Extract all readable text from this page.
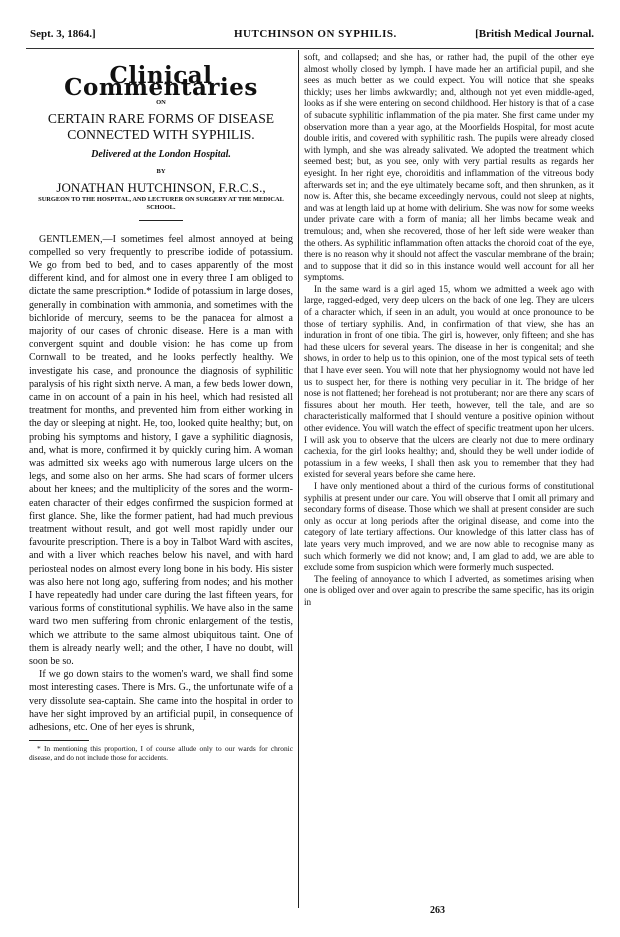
Sept. 3, 1864.]	HUTCHINSON ON SYPHILIS.	[British Medical Journal.
Clinical Commentaries
ON
CERTAIN RARE FORMS OF DISEASE CONNECTED WITH SYPHILIS.
Delivered at the London Hospital.
BY
JONATHAN HUTCHINSON, F.R.C.S.,
SURGEON TO THE HOSPITAL, AND LECTURER ON SURGERY AT THE MEDICAL SCHOOL.

GENTLEMEN,—I sometimes feel almost annoyed at being compelled so very frequently to prescribe iodide of potassium. We go from bed to bed, and to cases apparently of the most different kind, and for almost one in every three I am obliged to dictate the same prescription.* Iodide of potassium in large doses, generally in combination with ammonia, and sometimes with the bichloride of mercury, seems to be the panacea for almost a majority of our cases of chronic disease. Here is a man with convergent squint and double vision: he has come up from Cornwall to be treated, and he looks perfectly healthy. We investigate his case, and pronounce the diagnosis of syphilitic paralysis of his right sixth nerve. A man, a few beds lower down, came in on account of a pain in his heel, which had resisted all treatment for months, and prevented him from either working in the day or sleeping at night. He, too, looked quite healthy; but, on probing his symptoms and history, I gave a syphilitic diagnosis, and, what is more, confirmed it by quickly curing him. A woman was admitted six weeks ago with numerous large ulcers on the legs, and some also on her arms. She had scars of former ulcers about her knees; and the multiplicity of the sores and the worm-eaten character of their edges confirmed the suspicion formed at first glance. She, like the former patient, had had much previous treatment without result, and got well most rapidly under our favourite prescription. There is a boy in Talbot Ward with ascites, and with a liver which reaches below his navel, and with hard periosteal nodes on almost every long bone in his body. His sister was also here not long ago, suffering from nodes; and his mother I have repeatedly had under care during the last fifteen years, for various forms of constitutional syphilis. We have also in the same ward two men suffering from chronic enlargement of the testis, which we attribute to the same almost ubiquitous taint. One of them is already nearly well; and the other, I have no doubt, will soon be so.

If we go down stairs to the women's ward, we shall find some most interesting cases. There is Mrs. G., the unfortunate wife of a very dissolute sea-captain. She came into the hospital in order to have her sight improved by an artificial pupil, in consequence of adhesions, etc. One of her eyes is shrunk,

* In mentioning this proportion, I of course allude only to our wards for chronic disease, and do not include those for accidents.

soft, and collapsed; and she has, or rather had, the pupil of the other eye almost wholly closed by lymph. I have made her an artificial pupil, and she sees as much better as we could expect. You will notice that she speaks thickly; uses her limbs awkwardly; and, although not yet even middle-aged, looks as if she were entering on second childhood. Her history is that of a case of subacute syphilitic inflammation of the pia mater. She first came under my observation more than a year ago, at the Moorfields Hospital, for most acute double iritis, and covered with syphilitic rash. The pupils were already closed with lymph, and she was already salivated. We adopted the treatment which seemed best; but, as you see, only with very partial results as regards her eyesight. In her right eye, choroiditis and inflammation of the vitreous body afterwards set in; and the eye ultimately became soft, and then shrunken, as it now is. After this, she became exceedingly nervous, could not sleep at nights, and was at length laid up at home with delirium. She was now for some weeks under private care with a form of mania; all her limbs became weak and tremulous; and, when she recovered, those of her left side were weaker than the others. As syphilitic inflammation often attacks the choroid coat of the eye, there is no reason why it should not affect the vascular membrane of the brain; and to suppose that it did so in this instance would well account for all her symptoms.

In the same ward is a girl aged 15, whom we admitted a week ago with large, ragged-edged, very deep ulcers on the back of one leg. They are ulcers of a character which, if seen in an adult, you would at once pronounce to be those of tertiary syphilis. And, in confirmation of that view, she has an induration in front of one tibia. The girl is, however, only fifteen; and she has had these ulcers for several years. The disease in her is congenital; and she shows, in order to help us to this opinion, one of the most typical sets of teeth that I have ever seen. You will note that her physiognomy would not have led us to suspect her, for there is nothing very peculiar in it. The bridge of her nose is not flattened; her forehead is not protuberant; nor are there any scars of fissures about her mouth. Her teeth, however, tell the tale, and are so characteristically malformed that I should venture a positive opinion without other evidence. You will watch the effect of specific treatment upon her ulcers. I will ask you to observe that the ulcers are clearly not due to mere ordinary cachexia, for the girl looks healthy; and, should they be well under iodide of potassium in a few weeks, I shall then ask you to remember that they had existed for several years before she came here.

I have only mentioned about a third of the curious forms of constitutional syphilis at present under our care. You will observe that I omit all primary and secondary forms of disease. Those which we shall at present consider are such only as occur at long periods after the original disease, and come into the category of late tertiary affections. Our knowledge of this latter class has of late years very much improved, and we are now able to recognise many as such which formerly we did not know; and, I am glad to add, we are able to exclude some from suspicion which were formerly much suspected.

The feeling of annoyance to which I adverted, as sometimes arising when one is obliged over and over again to prescribe the same specific, has its origin in

263
